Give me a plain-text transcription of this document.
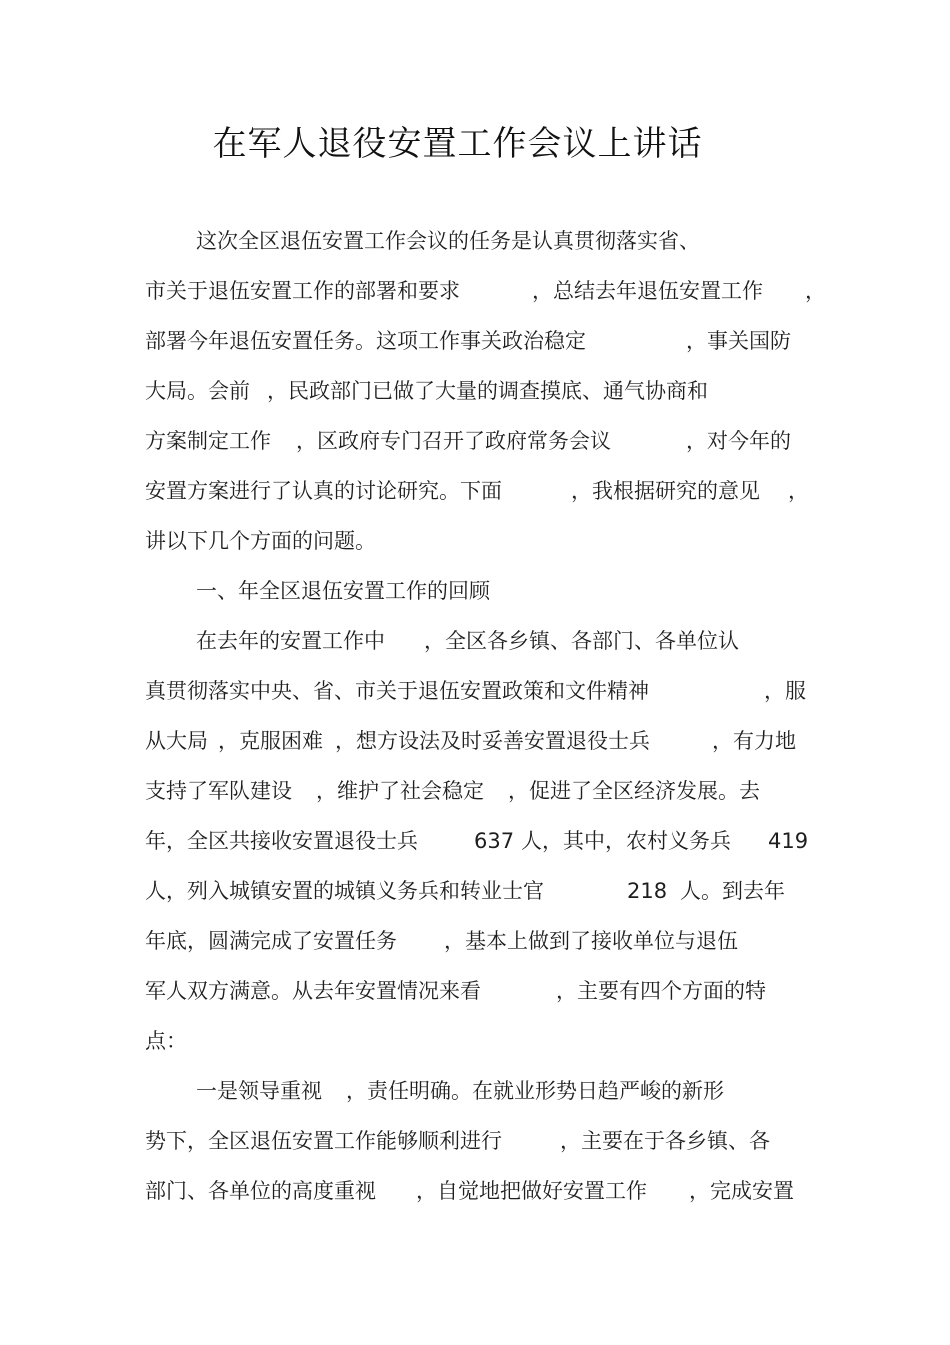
在军人退役安置工作会议上讲话
这次全区退伍安置工作会议的任务是认真贯彻落实省、
市关于退伍安置工作的部署和要求	，总结去年退伍安置工作 ，
部署今年退伍安置任务。这项工作事关政治稳定	，事关国防
大局。会前 ，民政部门已做了大量的调查摸底、通气协商和
方案制定工作 ，区政府专门召开了政府常务会议	，对今年的
安置方案进行了认真的讨论研究。下面	，我根据研究的意见 ，
讲以下几个方面的问题。
一、年全区退伍安置工作的回顾
在去年的安置工作中 ，全区各乡镇、各部门、各单位认
真贯彻落实中央、省、市关于退伍安置政策和文件精神	，服
从大局 ，克服困难 ，想方设法及时妥善安置退役士兵	，有力地
支持了军队建设 ，维护了社会稳定 ，促进了全区经济发展。去
年，全区共接收安置退役士兵	637 人，其中，农村义务兵 419
人，列入城镇安置的城镇义务兵和转业士官	218 人。到去年
年底，圆满完成了安置任务 ，基本上做到了接收单位与退伍
军人双方满意。从去年安置情况来看	，主要有四个方面的特
点：
一是领导重视 ，责任明确。在就业形势日趋严峻的新形
势下，全区退伍安置工作能够顺利进行	，主要在于各乡镇、各
部门、各单位的高度重视 ，自觉地把做好安置工作 ，完成安置
